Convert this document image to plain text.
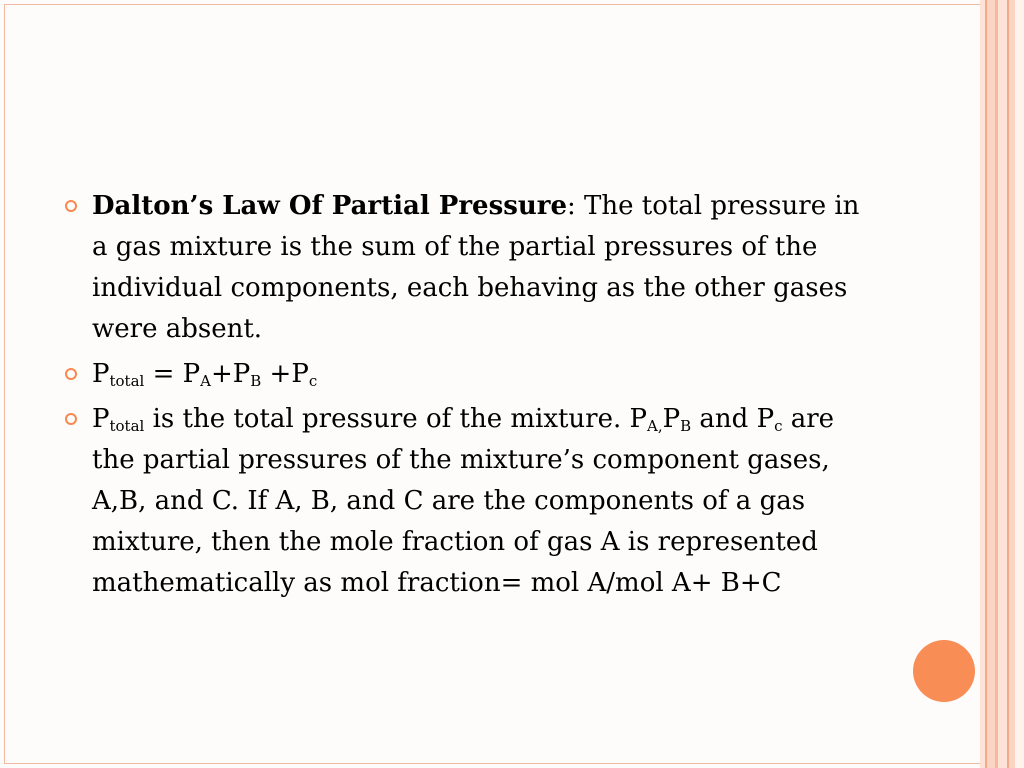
Dalton’s Law Of Partial Pressure: The total pressure in a gas mixture is the sum of the partial pressures of the individual components, each behaving as the other gases were absent.
$P_{total} = P_A+P_B +P_c$
$P_{total}$ is the total pressure of the mixture. $P_{A,}P_B$ and $P_c$ are the partial pressures of the mixture’s component gases, A,B, and C. If A, B, and C are the components of a gas mixture, then the mole fraction of gas A is represented mathematically as mol fraction= mol A/mol A+ B+C
